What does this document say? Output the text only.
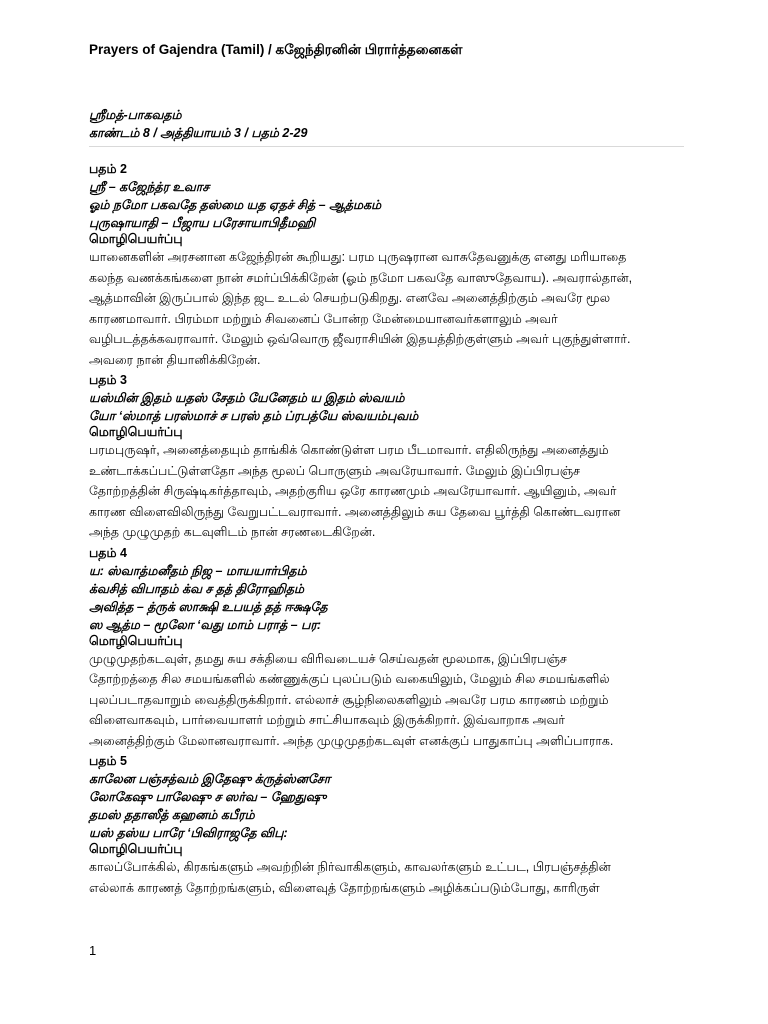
Prayers of Gajendra (Tamil) / கஜேந்திரனின் பிரார்த்தனைகள்

ஸ்ரீமத்-பாகவதம்

காண்டம் 8 / அத்தியாயம் 3 / பதம் 2-29

பதம் 2

ஸ்ரீ – கஜேந்த்ர உவாச

ஓம் நமோ பகவதே தஸ்மை யத ஏதச் சித் – ஆத்மகம்

புருஷாயாதி – பீஜாய பரேசாயாபிதீமஹி

மொழிபெயர்ப்பு

யானைகளின் அரசனான கஜேந்திரன் கூறியது: பரம புருஷரான வாசுதேவனுக்கு எனது மரியாதை

கலந்த வணக்கங்களை நான் சமர்ப்பிக்கிறேன் (ஓம் நமோ பகவதே வாஸுதேவாய). அவரால்தான்,

ஆத்மாவின் இருப்பால் இந்த ஜட உடல் செயற்படுகிறது. எனவே அனைத்திற்கும் அவரே மூல

காரணமாவார். பிரம்மா மற்றும் சிவனைப் போன்ற மேன்மையானவர்களாலும் அவர்

வழிபடத்தக்கவராவார். மேலும் ஒவ்வொரு ஜீவராசியின் இதயத்திற்குள்ளும் அவர் புகுந்துள்ளார்.

அவரை நான் தியானிக்கிறேன்.

பதம் 3

யஸ்மின் இதம் யதஸ் சேதம் யேனேதம் ய இதம் ஸ்வயம்

யோ ‘ஸ்மாத் பரஸ்மாச் ச பரஸ் தம் ப்ரபத்யே ஸ்வயம்புவம்

மொழிபெயர்ப்பு

பரமபுருஷர், அனைத்தையும் தாங்கிக் கொண்டுள்ள பரம பீடமாவார். எதிலிருந்து அனைத்தும்

உண்டாக்கப்பட்டுள்ளதோ அந்த மூலப் பொருளும் அவரேயாவார். மேலும் இப்பிரபஞ்ச

தோற்றத்தின் சிருஷ்டிகர்த்தாவும், அதற்குரிய ஒரே காரணமும் அவரேயாவார். ஆயினும், அவர்

காரண விளைவிலிருந்து வேறுபட்டவராவார். அனைத்திலும் சுய தேவை பூர்த்தி கொண்டவரான

அந்த முழுமுதற் கடவுளிடம் நான் சரணடைகிறேன்.

பதம் 4

ய: ஸ்வாத்மனீதம் நிஜ – மாயயார்பிதம்

க்வசித் விபாதம் க்வ ச தத் திரோஹிதம்

அவித்த – த்ருக் ஸாக்ஷி உபயத் தத் ஈக்ஷதே

ஸ ஆத்ம – மூலோ ‘வது மாம் பராத் – பர:

மொழிபெயர்ப்பு

முழுமுதற்கடவுள், தமது சுய சக்தியை விரிவடையச் செய்வதன் மூலமாக, இப்பிரபஞ்ச

தோற்றத்தை சில சமயங்களில் கண்ணுக்குப் புலப்படும் வகையிலும், மேலும் சில சமயங்களில்

புலப்படாதவாறும் வைத்திருக்கிறார். எல்லாச் சூழ்நிலைகளிலும் அவரே பரம காரணம் மற்றும்

விளைவாகவும், பார்வையாளர் மற்றும் சாட்சியாகவும் இருக்கிறார். இவ்வாறாக அவர்

அனைத்திற்கும் மேலானவராவார். அந்த முழுமுதற்கடவுள் எனக்குப் பாதுகாப்பு அளிப்பாராக.

பதம் 5

காலேன பஞ்சத்வம் இதேஷு க்ருத்ஸ்னசோ

லோகேஷு பாலேஷு ச ஸர்வ – ஹேதுஷு

தமஸ் ததாஸீத் கஹனம் கபீரம்

யஸ் தஸ்ய பாரே ‘பிவிராஜதே விபு:

மொழிபெயர்ப்பு

காலப்போக்கில், கிரகங்களும் அவற்றின் நிர்வாகிகளும், காவலர்களும் உட்பட, பிரபஞ்சத்தின்

எல்லாக் காரணத் தோற்றங்களும், விளைவுத் தோற்றங்களும் அழிக்கப்படும்போது, காரிருள்

1
